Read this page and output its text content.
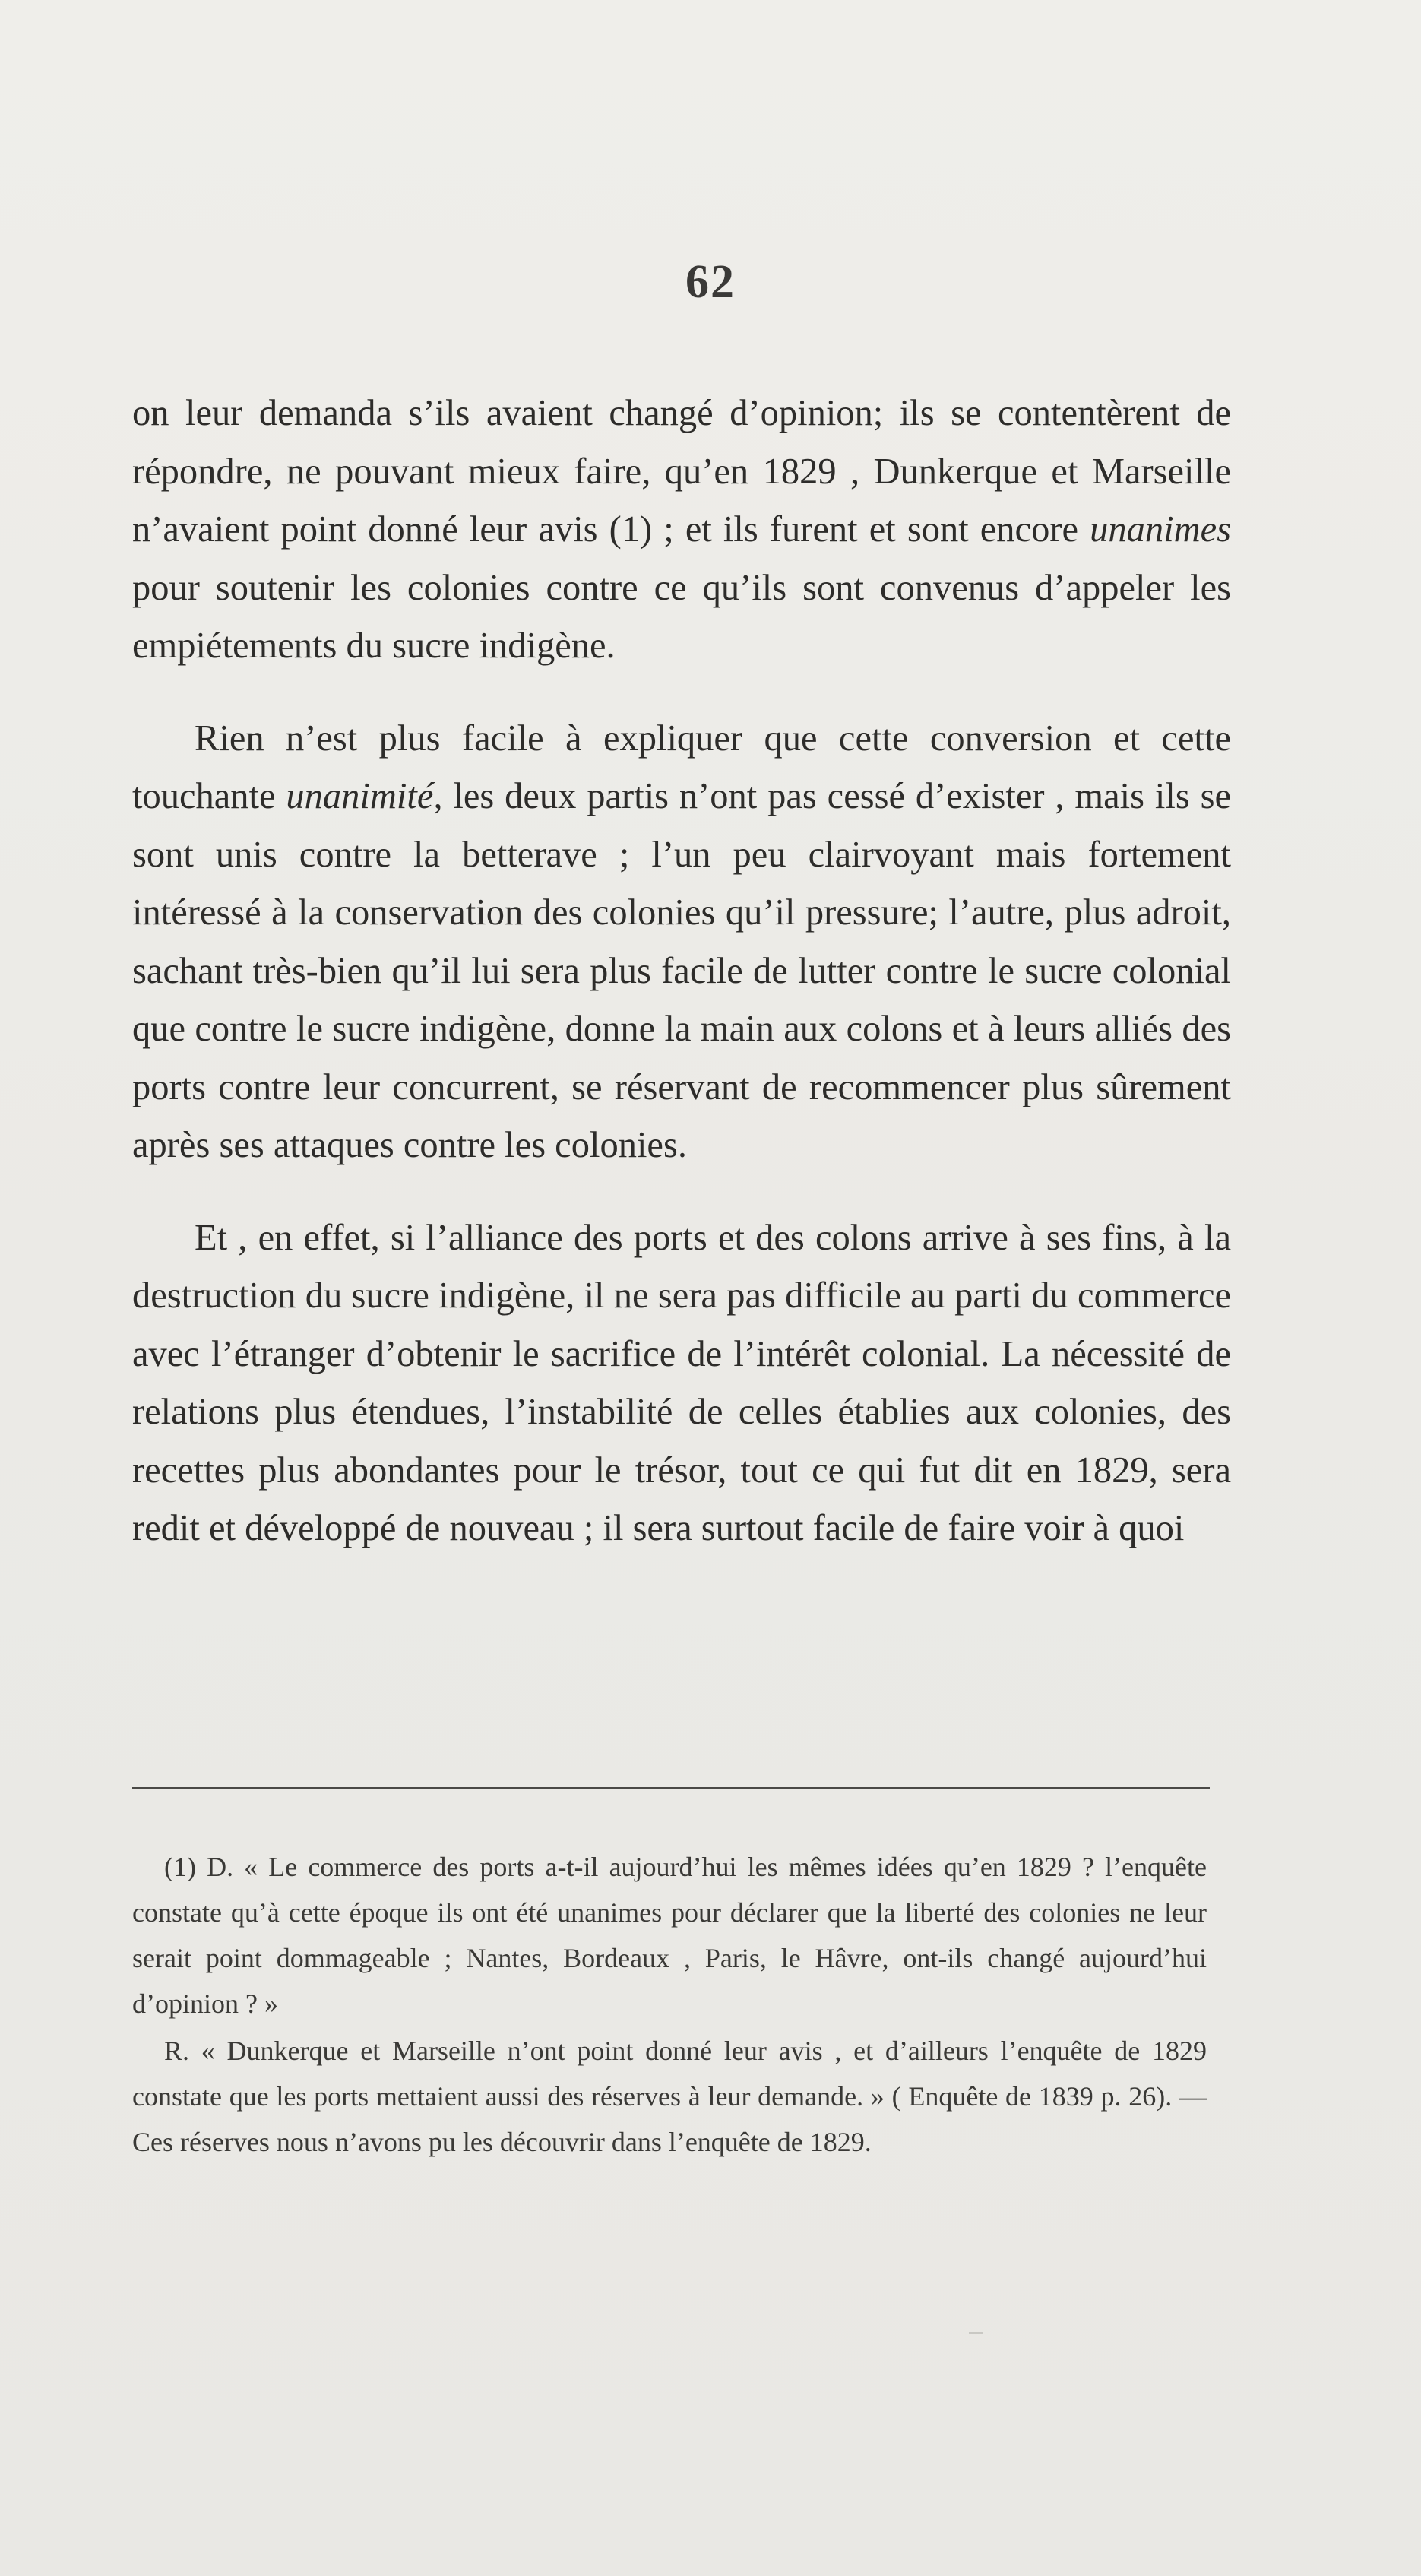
62

on leur demanda s’ils avaient changé d’opinion; ils se contentèrent de répondre, ne pouvant mieux faire, qu’en 1829 , Dunkerque et Marseille n’avaient point donné leur avis (1) ; et ils furent et sont encore unanimes pour soutenir les colonies contre ce qu’ils sont convenus d’appeler les empiétements du sucre indigène.

Rien n’est plus facile à expliquer que cette conversion et cette touchante unanimité, les deux partis n’ont pas cessé d’exister , mais ils se sont unis contre la betterave ; l’un peu clairvoyant mais fortement intéressé à la conservation des colonies qu’il pressure; l’autre, plus adroit, sachant très-bien qu’il lui sera plus facile de lutter contre le sucre colonial que contre le sucre indigène, donne la main aux colons et à leurs alliés des ports contre leur concurrent, se réservant de recommencer plus sûrement après ses attaques contre les colonies.

Et , en effet, si l’alliance des ports et des colons arrive à ses fins, à la destruction du sucre indigène, il ne sera pas difficile au parti du commerce avec l’étranger d’obtenir le sacrifice de l’intérêt colonial. La nécessité de relations plus étendues, l’instabilité de celles établies aux colonies, des recettes plus abondantes pour le trésor, tout ce qui fut dit en 1829, sera redit et développé de nouveau ; il sera surtout facile de faire voir à quoi

(1) D. « Le commerce des ports a-t-il aujourd’hui les mêmes idées qu’en 1829 ? l’enquête constate qu’à cette époque ils ont été unanimes pour déclarer que la liberté des colonies ne leur serait point dommageable ; Nantes, Bordeaux , Paris, le Hâvre, ont-ils changé aujourd’hui d’opinion ? »

R. « Dunkerque et Marseille n’ont point donné leur avis , et d’ailleurs l’enquête de 1829 constate que les ports mettaient aussi des réserves à leur demande. » ( Enquête de 1839 p. 26). — Ces réserves nous n’avons pu les découvrir dans l’enquête de 1829.
